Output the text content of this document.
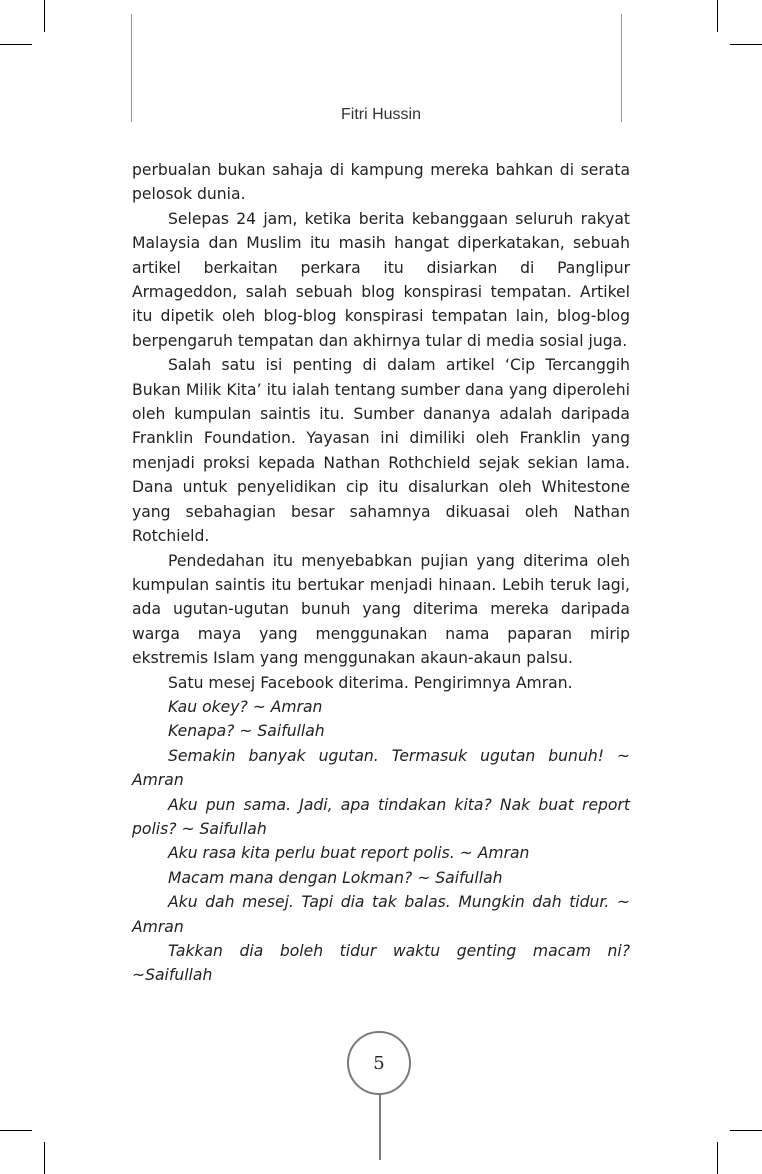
Fitri Hussin

perbualan bukan sahaja di kampung mereka bahkan di serata pelosok dunia.

Selepas 24 jam, ketika berita kebanggaan seluruh rakyat Malaysia dan Muslim itu masih hangat diperkatakan, sebuah artikel berkaitan perkara itu disiarkan di Panglipur Armageddon, salah sebuah blog konspirasi tempatan. Artikel itu dipetik oleh blog-blog konspirasi tempatan lain, blog-blog berpengaruh tempatan dan akhirnya tular di media sosial juga.

Salah satu isi penting di dalam artikel ‘Cip Tercanggih Bukan Milik Kita’ itu ialah tentang sumber dana yang diperolehi oleh kumpulan saintis itu. Sumber dananya adalah daripada Franklin Foundation. Yayasan ini dimiliki oleh Franklin yang menjadi proksi kepada Nathan Rothchield sejak sekian lama. Dana untuk penyelidikan cip itu disalurkan oleh Whitestone yang sebahagian besar sahamnya dikuasai oleh Nathan Rotchield.

Pendedahan itu menyebabkan pujian yang diterima oleh kumpulan saintis itu bertukar menjadi hinaan. Lebih teruk lagi, ada ugutan-ugutan bunuh yang diterima mereka daripada warga maya yang menggunakan nama paparan mirip ekstremis Islam yang menggunakan akaun-akaun palsu.

Satu mesej Facebook diterima. Pengirimnya Amran.

Kau okey? ~ Amran

Kenapa? ~ Saifullah

Semakin banyak ugutan. Termasuk ugutan bunuh! ~ Amran

Aku pun sama. Jadi, apa tindakan kita? Nak buat report polis? ~ Saifullah

Aku rasa kita perlu buat report polis. ~ Amran

Macam mana dengan Lokman? ~ Saifullah

Aku dah mesej. Tapi dia tak balas. Mungkin dah tidur. ~ Amran

Takkan dia boleh tidur waktu genting macam ni? ~Saifullah

5
